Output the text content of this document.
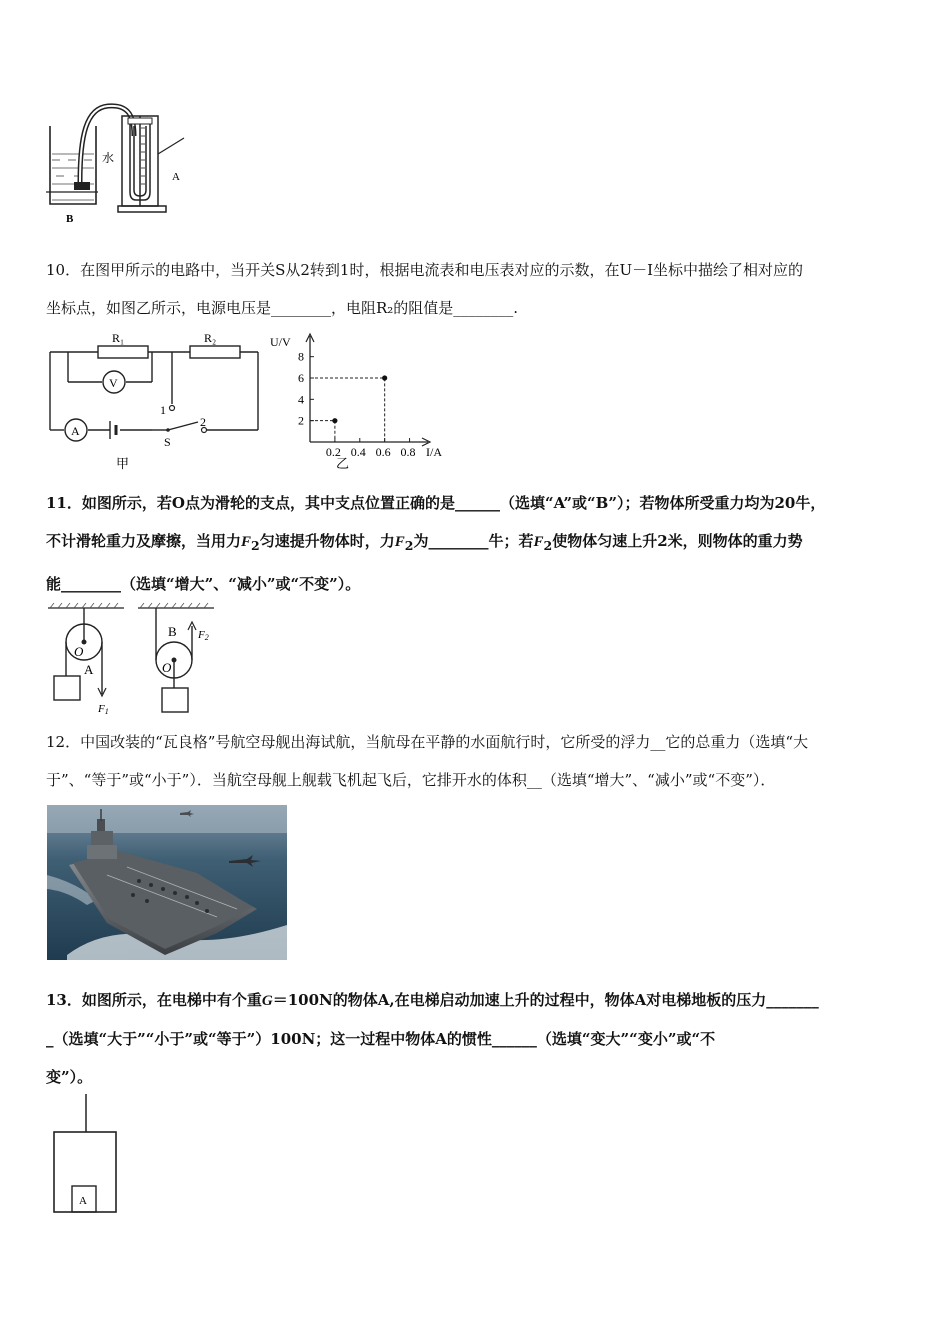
水
A
B

10．在图甲所示的电路中，当开关S从2转到1时，根据电流表和电压表对应的示数，在U－I坐标中描绘了相对应的

坐标点，如图乙所示，电源电压是________，电阻R₂的阻值是________.

R₁	R₂
V
A
1
2
S
甲
U/V
I/A
乙
2
4
6
8
0.2 0.4 0.6 0.8

11．如图所示，若O点为滑轮的支点，其中支点位置正确的是______（选填“A”或“B”）；若物体所受重力均为20牛，

不计滑轮重力及摩擦，当用力$F_2$匀速提升物体时，力$F_2$为________牛；若$F_2$使物体匀速上升2米，则物体的重力势

能________（选填“增大”、“减小”或“不变”）。

O
A
F1
B
O
F2

12．中国改装的“瓦良格”号航空母舰出海试航，当航母在平静的水面航行时，它所受的浮力__它的总重力（选填“大

于”、“等于”或“小于”）．当航空母舰上舰载飞机起飞后，它排开水的体积__（选填“增大”、“减小”或“不变”）．

13．如图所示，在电梯中有个重G＝100N的物体A,在电梯启动加速上升的过程中，物体A对电梯地板的压力_______

_（选填“大于”“小于”或“等于”）100N；这一过程中物体A的惯性______（选填“变大”“变小”或“不

变”）。

A
